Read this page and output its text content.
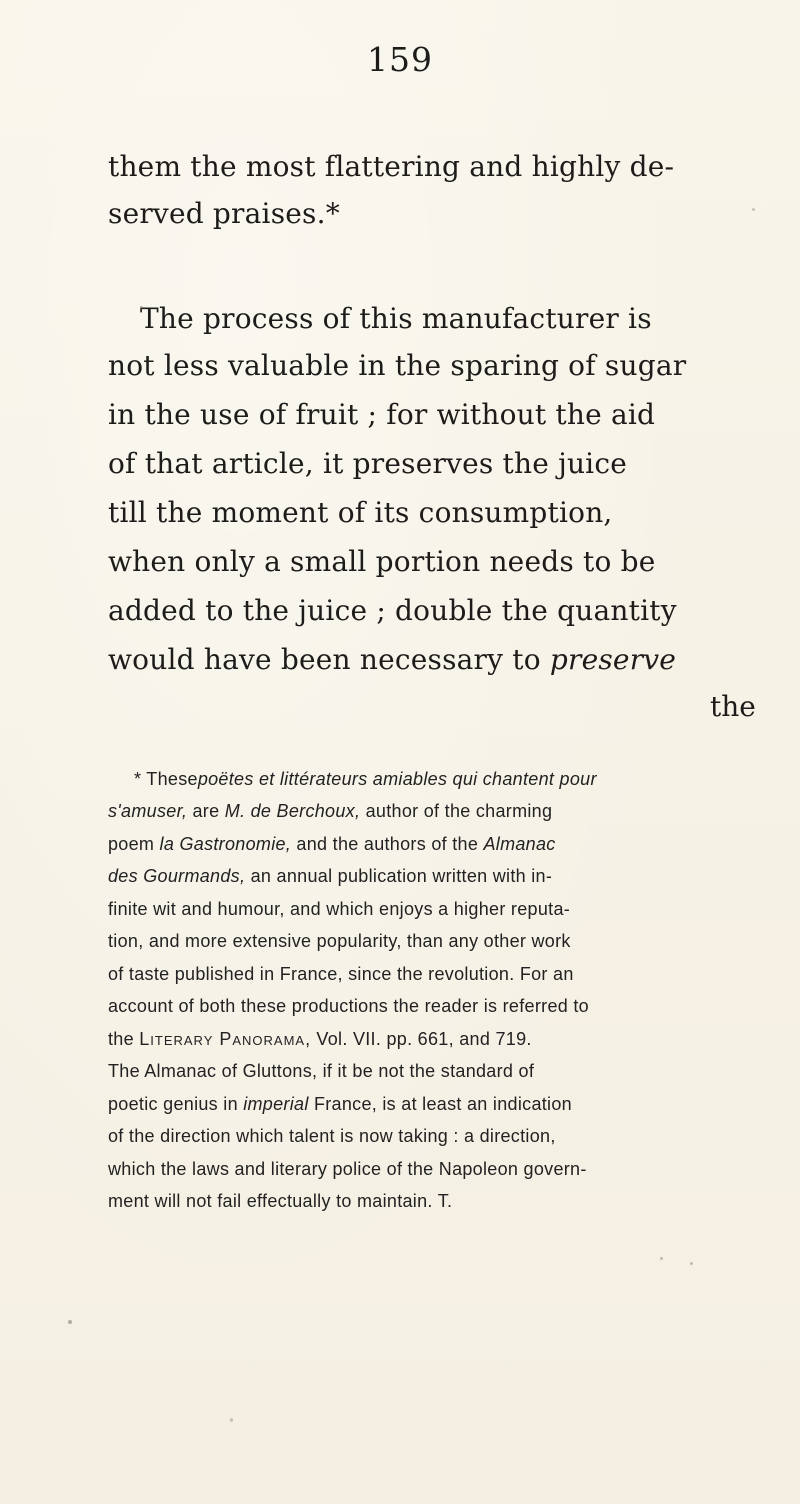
159
them the most flattering and highly de-
served praises.*
The process of this manufacturer is
not less valuable in the sparing of sugar
in the use of fruit ; for without the aid
of that article, it preserves the juice
till the moment of its consumption,
when only a small portion needs to be
added to the juice ; double the quantity
would have been necessary to preserve
the
* Thesepoëtes et littérateurs amiables qui chantent pour
s'amuser, are M. de Berchoux, author of the charming
poem la Gastronomie, and the authors of the Almanac
des Gourmands, an annual publication written with in-
finite wit and humour, and which enjoys a higher reputa-
tion, and more extensive popularity, than any other work
of taste published in France, since the revolution. For an
account of both these productions the reader is referred to
the Literary Panorama, Vol. VII. pp. 661, and 719.
The Almanac of Gluttons, if it be not the standard of
poetic genius in imperial France, is at least an indication
of the direction which talent is now taking : a direction,
which the laws and literary police of the Napoleon govern-
ment will not fail effectually to maintain. T.
